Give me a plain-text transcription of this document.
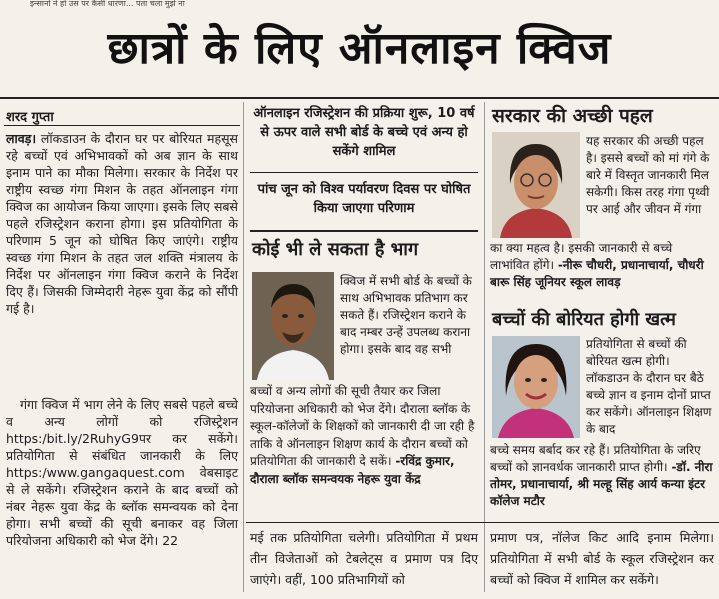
इन्सानों ने हो उस पर कैसी धारणा... पता चला मुझे ना
छात्रों के लिए ऑनलाइन क्विज
शरद गुप्ता

लावड़। लॉकडाउन के दौरान घर पर बोरियत महसूस रहे बच्चों एवं अभिभावकों को अब ज्ञान के साथ इनाम पाने का मौका मिलेगा। सरकार के निर्देश पर राष्ट्रीय स्वच्छ गंगा मिशन के तहत ऑनलाइन गंगा क्विज का आयोजन किया जाएगा। इसके लिए सबसे पहले रजिस्ट्रेशन कराना होगा। इस प्रतियोगिता के परिणाम 5 जून को घोषित किए जाएंगे। राष्ट्रीय स्वच्छ गंगा मिशन के तहत जल शक्ति मंत्रालय के निर्देश पर ऑनलाइन गंगा क्विज कराने के निर्देश दिए हैं। जिसकी जिम्मेदारी नेहरू युवा केंद्र को सौंपी गई है।

गंगा क्विज में भाग लेने के लिए सबसे पहले बच्चे व अन्य लोगों को रजिस्ट्रेशन https:/bit.ly/2RuhyG9पर कर सकेंगे। प्रतियोगिता से संबंधित जानकारी के लिए https:/www.gangaquest.com वेबसाइट से ले सकेंगे। रजिस्ट्रेशन कराने के बाद बच्चों को नंबर नेहरू युवा केंद्र के ब्लॉक समन्वयक को देना होगा। सभी बच्चों की सूची बनाकर वह जिला परियोजना अधिकारी को भेज देंगे। 22

ऑनलाइन रजिस्ट्रेशन की प्रक्रिया शुरू, 10 वर्ष से ऊपर वाले सभी बोर्ड के बच्चे एवं अन्य हो सकेंगे शामिल
पांच जून को विश्व पर्यावरण दिवस पर घोषित किया जाएगा परिणाम
कोई भी ले सकता है भाग

क्विज में सभी बोर्ड के बच्चों के साथ अभिभावक प्रतिभाग कर सकते हैं। रजिस्ट्रेशन कराने के बाद नम्बर उन्हें उपलब्ध कराना होगा। इसके बाद वह सभी

बच्चों व अन्य लोगों की सूची तैयार कर जिला परियोजना अधिकारी को भेज देंगे। दौराला ब्लॉक के स्कूल-कॉलेजों के शिक्षकों को जानकारी दी जा रही है ताकि वे ऑनलाइन शिक्षण कार्य के दौरान बच्चों को प्रतियोगिता की जानकारी दे सकें। -रविंद्र कुमार, दौराला ब्लॉक समन्वयक नेहरू युवा केंद्र

सरकार की अच्छी पहल

यह सरकार की अच्छी पहल है। इससे बच्चों को मां गंगे के बारे में विस्तृत जानकारी मिल सकेगी। किस तरह गंगा पृथ्वी पर आई और जीवन में गंगा

का क्या महत्व है। इसकी जानकारी से बच्चे लाभांवित होंगे। -नीरू चौधरी, प्रधानाचार्या, चौधरी बारू सिंह जूनियर स्कूल लावड़

बच्चों की बोरियत होगी खत्म

प्रतियोगिता से बच्चों की बोरियत खत्म होगी। लॉकडाउन के दौरान घर बैठे बच्चे ज्ञान व इनाम दोनों प्राप्त कर सकेंगे। ऑनलाइन शिक्षण के बाद

बच्चे समय बर्बाद कर रहे हैं। प्रतियोगिता के जरिए बच्चों को ज्ञानवर्धक जानकारी प्राप्त होगी। -डॉ. नीरा तोमर, प्रधानाचार्या, श्री मल्हू सिंह आर्य कन्या इंटर कॉलेज मटौर

मई तक प्रतियोगिता चलेगी। प्रतियोगिता में प्रथम तीन विजेताओं को टेबलेट्स व प्रमाण पत्र दिए जाएंगे। वहीं, 100 प्रतिभागियों को
प्रमाण पत्र, नॉलेज किट आदि इनाम मिलेगा। प्रतियोगिता में सभी बोर्ड के स्कूल रजिस्ट्रेशन कर बच्चों को क्विज में शामिल कर सकेंगे।
